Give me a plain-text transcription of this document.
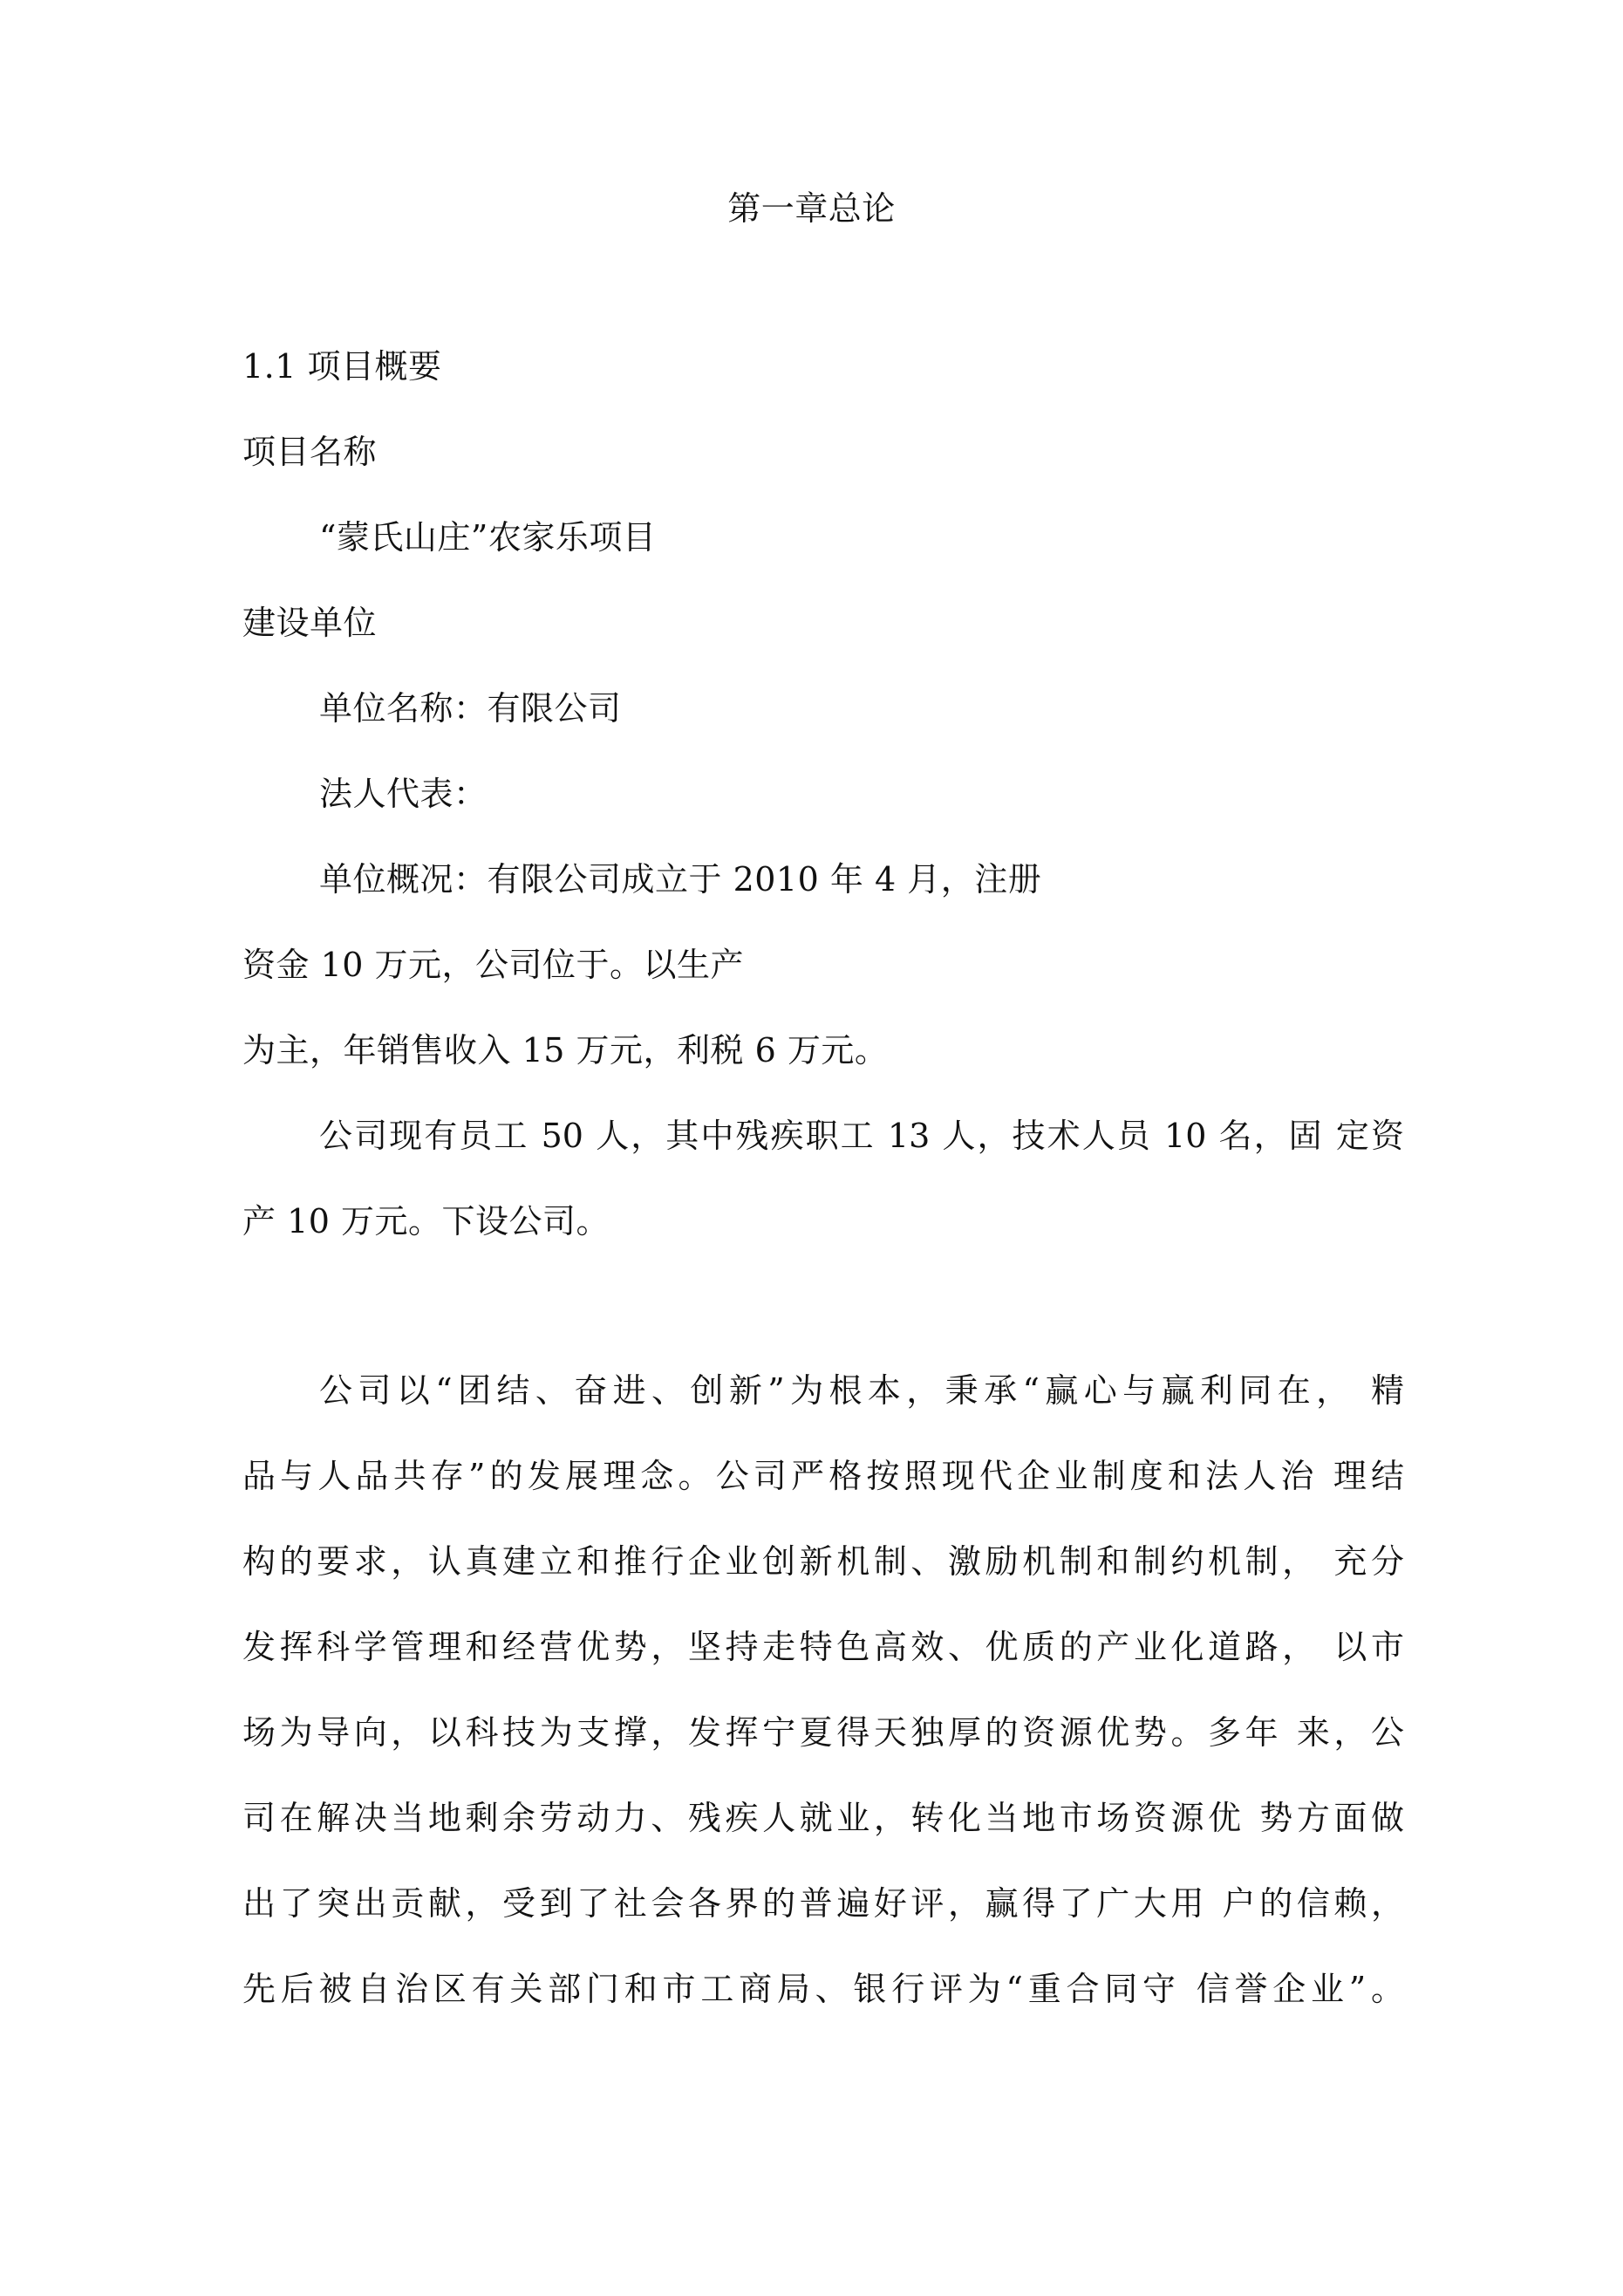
第一章总论
1.1 项目概要
项目名称
“蒙氏山庄”农家乐项目
建设单位
单位名称：有限公司
法人代表：
单位概况：有限公司成立于 2010 年 4 月，注册
资金 10 万元，公司位于。以生产
为主，年销售收入 15 万元，利税 6 万元。
公司现有员工 50 人，其中残疾职工 13 人，技术人员 10 名，固 定资
产 10 万元。下设公司。
公司以“团结、奋进、创新”为根本，秉承“赢心与赢利同在， 精
品与人品共存”的发展理念。公司严格按照现代企业制度和法人治 理结
构的要求，认真建立和推行企业创新机制、激励机制和制约机制， 充分
发挥科学管理和经营优势，坚持走特色高效、优质的产业化道路， 以市
场为导向，以科技为支撑，发挥宁夏得天独厚的资源优势。多年 来，公
司在解决当地剩余劳动力、残疾人就业，转化当地市场资源优 势方面做
出了突出贡献，受到了社会各界的普遍好评，赢得了广大用 户的信赖，
先后被自治区有关部门和市工商局、银行评为“重合同守 信誉企业”。
